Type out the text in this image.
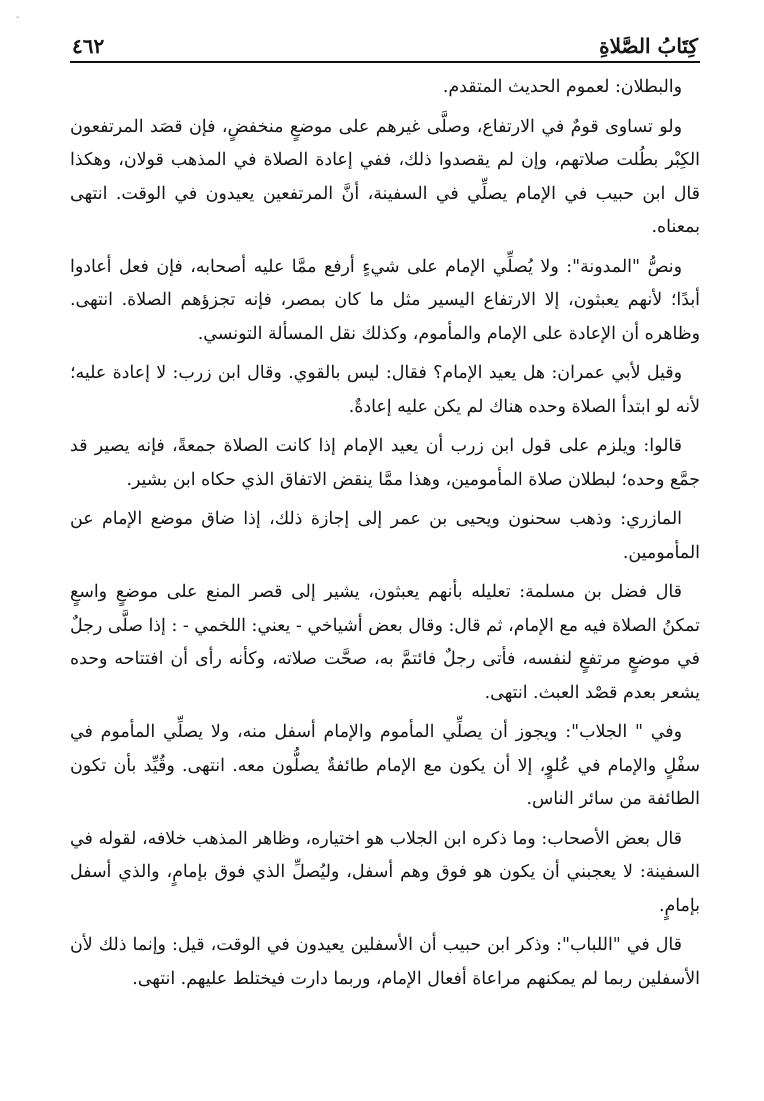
-
كِتَابُ الصَّلاةِ
٤٦٢

والبطلان: لعموم الحديث المتقدم.

ولو تساوى قومٌ في الارتفاع، وصلَّى غيرهم على موضعٍ منخفضٍ، فإن قصَد المرتفعون الكِبْر بطُلت صلاتهم، وإن لم يقصدوا ذلك، ففي إعادة الصلاة في المذهب قولان، وهكذا قال ابن حبيب في الإمام يصلِّي في السفينة، أنَّ المرتفعين يعيدون في الوقت. انتهى بمعناه.

ونصُّ "المدونة": ولا يُصلِّي الإمام على شيءٍ أرفع ممَّا عليه أصحابه، فإن فعل أعادوا أبدًا؛ لأنهم يعبثون، إلا الارتفاع اليسير مثل ما كان بمصر، فإنه تجزؤهم الصلاة. انتهى. وظاهره أن الإعادة على الإمام والمأموم، وكذلك نقل المسألة التونسي.

وقيل لأبي عمران: هل يعيد الإمام؟ فقال: ليس بالقوي. وقال ابن زرب: لا إعادة عليه؛ لأنه لو ابتدأ الصلاة وحده هناك لم يكن عليه إعادةٌ.

قالوا: ويلزم على قول ابن زرب أن يعيد الإمام إذا كانت الصلاة جمعةً، فإنه يصير قد جمَّع وحده؛ لبطلان صلاة المأمومين، وهذا ممَّا ينقض الاتفاق الذي حكاه ابن بشير.

المازري: وذهب سحنون ويحيى بن عمر إلى إجازة ذلك، إذا ضاق موضع الإمام عن المأمومين.

قال فضل بن مسلمة: تعليله بأنهم يعبثون، يشير إلى قصر المنع على موضعٍ واسعٍ تمكنُ الصلاة فيه مع الإمام، ثم قال: وقال بعض أشياخي - يعني: اللخمي - : إذا صلَّى رجلٌ في موضعٍ مرتفعٍ لنفسه، فأتى رجلٌ فائتمَّ به، صحَّت صلاته، وكأنه رأى أن افتتاحه وحده يشعر بعدم قصْد العبث. انتهى.

وفي " الجلاب": ويجوز أن يصلِّي المأموم والإمام أسفل منه، ولا يصلِّي المأموم في سفْلٍ والإمام في عُلوٍ، إلا أن يكون مع الإمام طائفةٌ يصلُّون معه. انتهى. وقُيِّد بأن تكون الطائفة من سائر الناس.

قال بعض الأصحاب: وما ذكره ابن الجلاب هو اختياره، وظاهر المذهب خلافه، لقوله في السفينة: لا يعجبني أن يكون هو فوق وهم أسفل، وليُصلِّ الذي فوق بإمامٍ، والذي أسفل بإمامٍ.

قال في "اللباب": وذكر ابن حبيب أن الأسفلين يعيدون في الوقت، قيل: وإنما ذلك لأن الأسفلين ربما لم يمكنهم مراعاة أفعال الإمام، وربما دارت فيختلط عليهم. انتهى.
